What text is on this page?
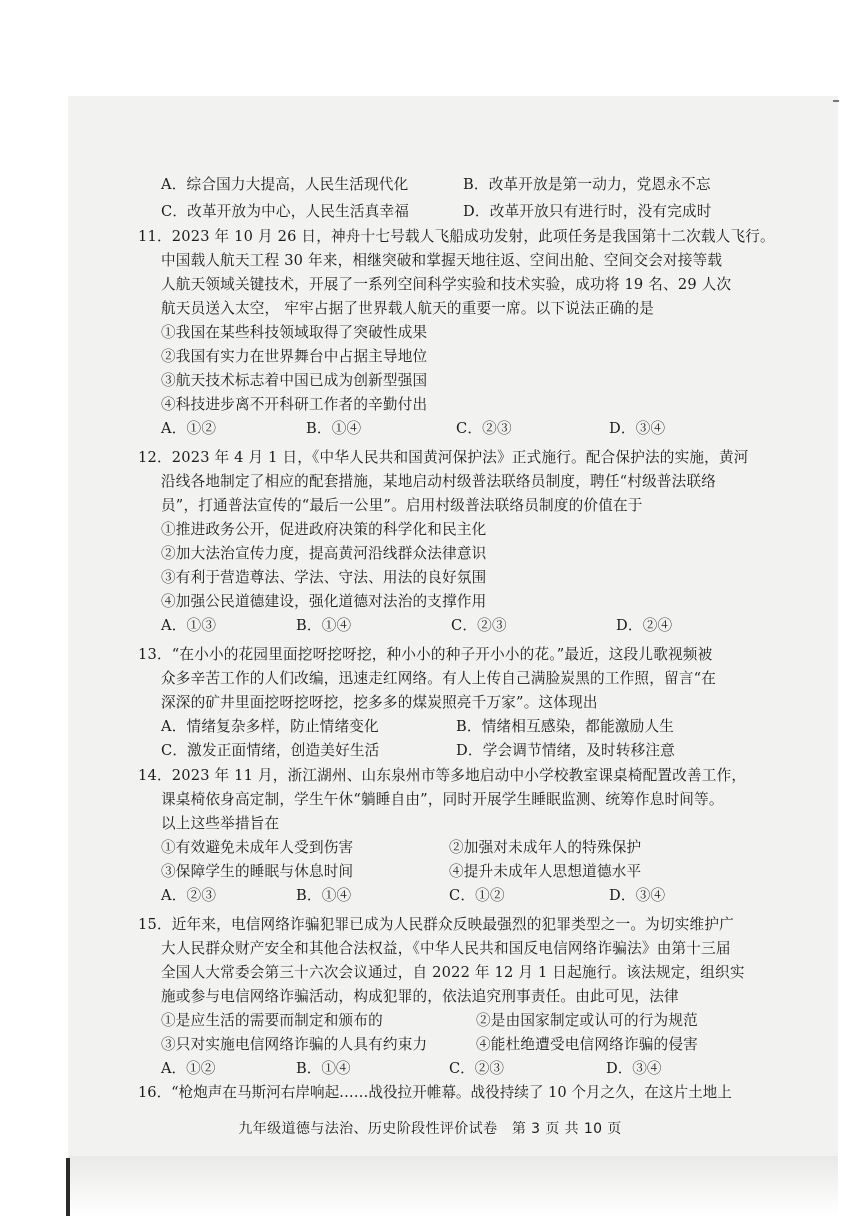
A．综合国力大提高，人民生活现代化	B．改革开放是第一动力，党恩永不忘
C．改革开放为中心，人民生活真幸福	D．改革开放只有进行时，没有完成时
11．2023 年 10 月 26 日，神舟十七号载人飞船成功发射，此项任务是我国第十二次载人飞行。
中国载人航天工程 30 年来，相继突破和掌握天地往返、空间出舱、空间交会对接等载
人航天领域关键技术，开展了一系列空间科学实验和技术实验，成功将 19 名、29 人次
航天员送入太空， 牢牢占据了世界载人航天的重要一席。以下说法正确的是
①我国在某些科技领域取得了突破性成果
②我国有实力在世界舞台中占据主导地位
③航天技术标志着中国已成为创新型强国
④科技进步离不开科研工作者的辛勤付出
A．①②	B．①④	C．②③	D．③④
12．2023 年 4 月 1 日，《中华人民共和国黄河保护法》正式施行。配合保护法的实施，黄河
沿线各地制定了相应的配套措施，某地启动村级普法联络员制度，聘任“村级普法联络
员”，打通普法宣传的“最后一公里”。启用村级普法联络员制度的价值在于
①推进政务公开，促进政府决策的科学化和民主化
②加大法治宣传力度，提高黄河沿线群众法律意识
③有利于营造尊法、学法、守法、用法的良好氛围
④加强公民道德建设，强化道德对法治的支撑作用
A．①③	B．①④	C．②③	D．②④
13．“在小小的花园里面挖呀挖呀挖，种小小的种子开小小的花。”最近，这段儿歌视频被
众多辛苦工作的人们改编，迅速走红网络。有人上传自己满脸炭黑的工作照，留言“在
深深的矿井里面挖呀挖呀挖，挖多多的煤炭照亮千万家”。这体现出
A．情绪复杂多样，防止情绪变化	B．情绪相互感染，都能激励人生
C．激发正面情绪，创造美好生活	D．学会调节情绪，及时转移注意
14．2023 年 11 月，浙江湖州、山东泉州市等多地启动中小学校教室课桌椅配置改善工作，
课桌椅依身高定制，学生午休“躺睡自由”，同时开展学生睡眠监测、统筹作息时间等。
以上这些举措旨在
①有效避免未成年人受到伤害	②加强对未成年人的特殊保护
③保障学生的睡眠与休息时间	④提升未成年人思想道德水平
A．②③	B．①④	C．①②	D．③④
15．近年来，电信网络诈骗犯罪已成为人民群众反映最强烈的犯罪类型之一。为切实维护广
大人民群众财产安全和其他合法权益，《中华人民共和国反电信网络诈骗法》由第十三届
全国人大常委会第三十六次会议通过，自 2022 年 12 月 1 日起施行。该法规定，组织实
施或参与电信网络诈骗活动，构成犯罪的，依法追究刑事责任。由此可见，法律
①是应生活的需要而制定和颁布的	②是由国家制定或认可的行为规范
③只对实施电信网络诈骗的人具有约束力	④能杜绝遭受电信网络诈骗的侵害
九年级道德与法治、历史阶段性评价试卷　第 3 页 共 10 页
A．①②	B．①④	C．②③	D．③④
16．“枪炮声在马斯河右岸响起……战役拉开帷幕。战役持续了 10 个月之久，在这片土地上
